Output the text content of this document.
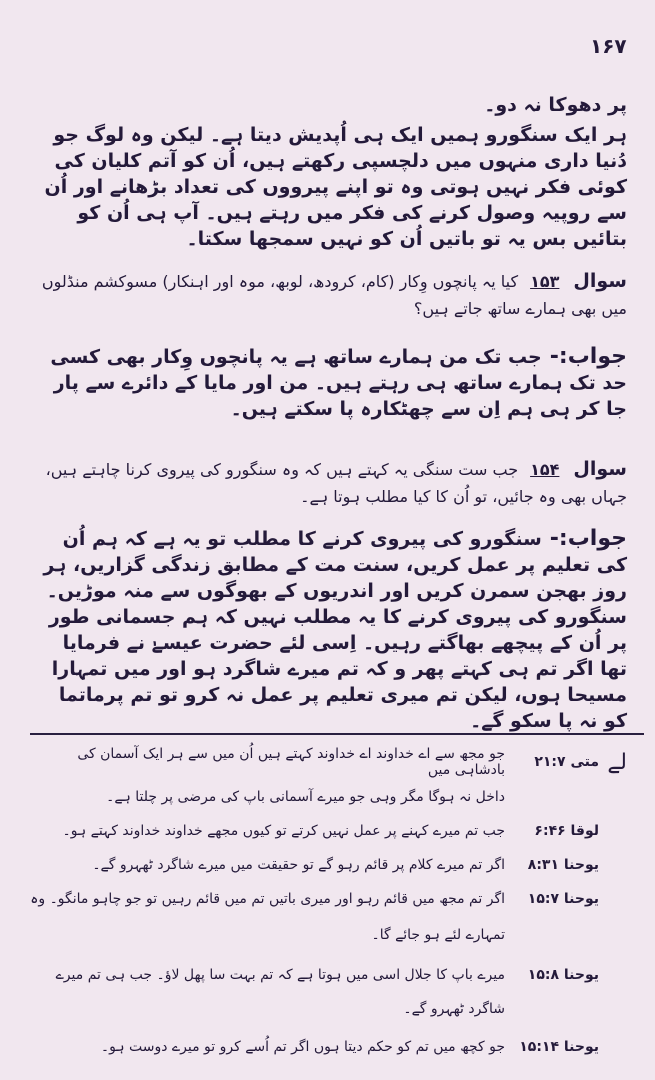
۱۶۷
پر دھوکا نہ دو۔
ہر ایک سنگورو ہمیں ایک ہی اُپدیش دیتا ہے۔ لیکن وہ لوگ جو دُنیا داری منہوں میں دلچسپی رکھتے ہیں، اُن کو آتم کلیان کی کوئی فکر نہیں ہوتی وہ تو اپنے پیرووں کی تعداد بڑھانے اور اُن سے روپیہ وصول کرنے کی فکر میں رہتے ہیں۔ آپ ہی اُن کو بتائیں بس یہ تو باتیں اُن کو نہیں سمجھا سکتا۔
سوال۱۵۳کیا یہ پانچوں وِکار (کام، کرودھ، لوبھ، موہ اور اہنکار) مسوکشم منڈلوں میں بھی ہمارے ساتھ جاتے ہیں؟
جواب:-جب تک من ہمارے ساتھ ہے یہ پانچوں وِکار بھی کسی حد تک ہمارے ساتھ ہی رہتے ہیں۔ من اور مایا کے دائرے سے پار جا کر ہی ہم اِن سے چھٹکارہ پا سکتے ہیں۔
سوال۱۵۴جب ست سنگی یہ کہتے ہیں کہ وہ سنگورو کی پیروی کرنا چاہتے ہیں، جہاں بھی وہ جائیں، تو اُن کا کیا مطلب ہوتا ہے۔
جواب:-سنگورو کی پیروی کرنے کا مطلب تو یہ ہے کہ ہم اُن کی تعلیم پر عمل کریں، سنت مت کے مطابق زندگی گزاریں، ہر روز بھجن سمرن کریں اور اندریوں کے بھوگوں سے منہ موڑیں۔ سنگورو کی پیروی کرنے کا یہ مطلب نہیں کہ ہم جسمانی طور پر اُن کے پیچھے بھاگتے رہیں۔ اِسی لئے حضرت عیسےٰ نے فرمایا تھا اگر تم ہی کہتے پھر و کہ تم میرے شاگرد ہو اور میں تمہارا مسیحا ہوں، لیکن تم میری تعلیم پر عمل نہ کرو تو تم پرماتما کو نہ پا سکو گے۔
لے
متی ۲۱:۷
جو مجھ سے اے خداوند اے خداوند کہتے ہیں اُن میں سے ہر ایک آسمان کی بادشاہی میں
داخل نہ ہوگا مگر وہی جو میرے آسمانی باپ کی مرضی پر چلتا ہے۔
لوقا ۶:۴۶
جب تم میرے کہنے پر عمل نہیں کرتے تو کیوں مجھے خداوند خداوند کہتے ہو۔
یوحنا ۸:۳۱
اگر تم میرے کلام پر قائم رہو گے تو حقیقت میں میرے شاگرد ٹھہرو گے۔
یوحنا ۱۵:۷
اگر تم مجھ میں قائم رہو اور میری باتیں تم میں قائم رہیں تو جو چاہو مانگو۔ وہ
تمہارے لئے ہو جائے گا۔
یوحنا ۱۵:۸
میرے باپ کا جلال اسی میں ہوتا ہے کہ تم بہت سا پھل لاؤ۔ جب ہی تم میرے
شاگرد ٹھہرو گے۔
یوحنا ۱۵:۱۴
جو کچھ میں تم کو حکم دیتا ہوں اگر تم اُسے کرو تو میرے دوست ہو۔
